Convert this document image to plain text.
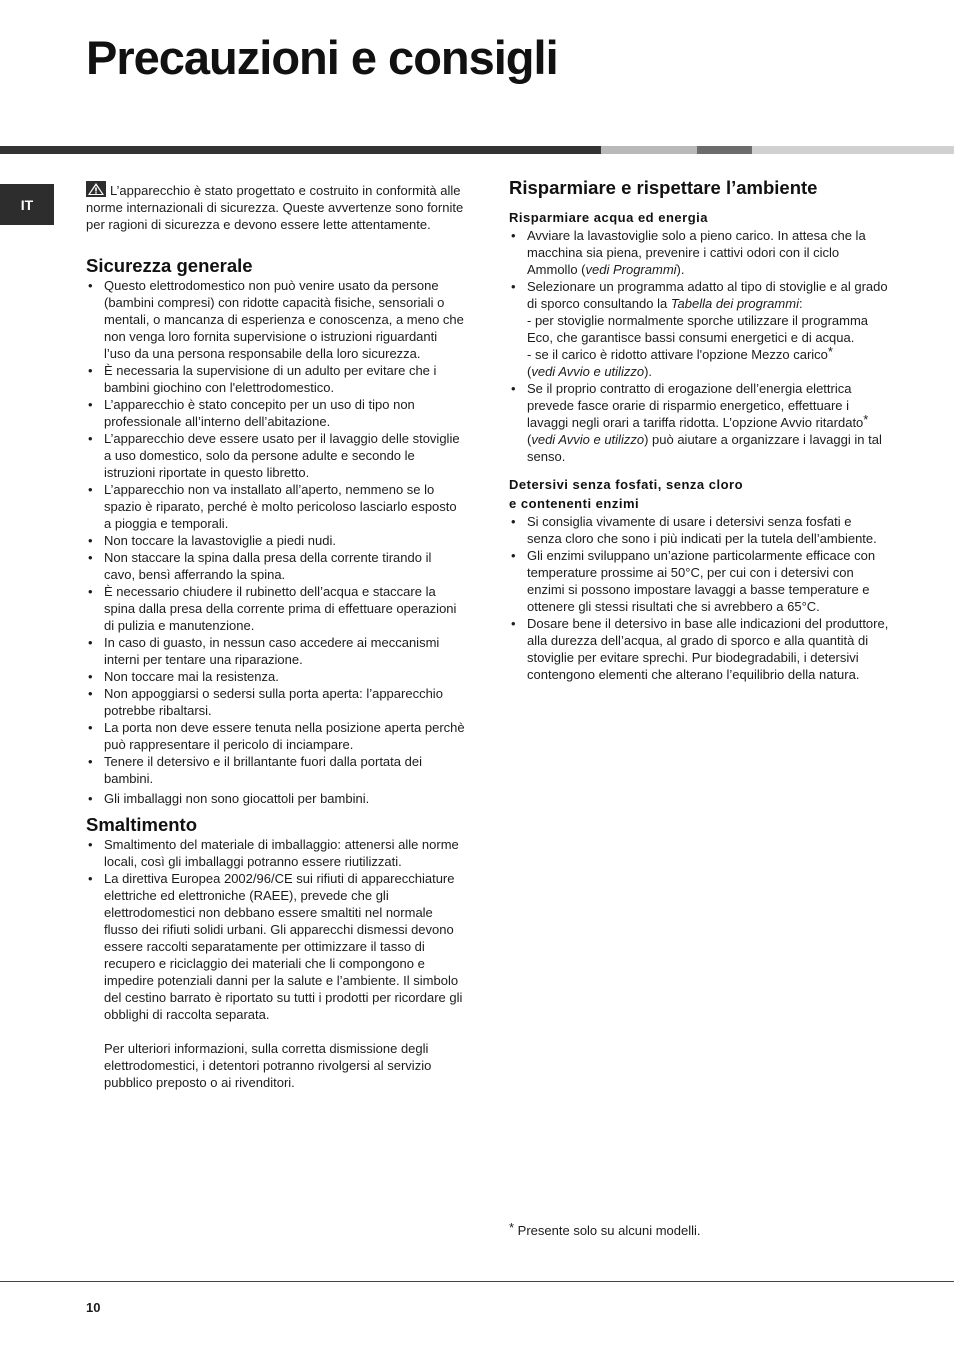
Precauzioni e consigli
IT

L’apparecchio è stato progettato e costruito in conformità alle norme internazionali di sicurezza. Queste avvertenze sono fornite per ragioni di sicurezza e devono essere lette attentamente.

Sicurezza generale
• Questo elettrodomestico non può venire usato da persone (bambini compresi) con ridotte capacità fisiche, sensoriali o mentali, o mancanza di esperienza e conoscenza, a meno che non venga loro fornita supervisione o istruzioni riguardanti l’uso da una persona responsabile della loro sicurezza.
• È necessaria la supervisione di un adulto per evitare che i bambini giochino con l'elettrodomestico.
• L’apparecchio è stato concepito per un uso di tipo non professionale all’interno dell’abitazione.
• L’apparecchio deve essere usato per il lavaggio delle stoviglie a uso domestico, solo da persone adulte e secondo le istruzioni riportate in questo libretto.
• L’apparecchio non va installato all’aperto, nemmeno se lo spazio è riparato, perché è molto pericoloso lasciarlo esposto a pioggia e temporali.
• Non toccare la lavastoviglie a piedi nudi.
• Non staccare la spina dalla presa della corrente tirando il cavo, bensì afferrando la spina.
• È necessario chiudere il rubinetto dell’acqua e staccare la spina dalla presa della corrente prima di effettuare operazioni di pulizia e manutenzione.
• In caso di guasto, in nessun caso accedere ai meccanismi interni per tentare una riparazione.
• Non toccare mai la resistenza.
• Non appoggiarsi o sedersi sulla porta aperta: l’apparecchio potrebbe ribaltarsi.
• La porta non deve essere tenuta nella posizione aperta perchè può rappresentare il pericolo di inciampare.
• Tenere il detersivo e il brillantante fuori dalla portata dei bambini.
• Gli imballaggi non sono giocattoli per bambini.
Smaltimento
• Smaltimento del materiale di imballaggio: attenersi alle norme locali, così gli imballaggi potranno essere riutilizzati.
• La direttiva Europea 2002/96/CE sui rifiuti di apparecchiature elettriche ed elettroniche (RAEE), prevede che gli elettrodomestici non debbano essere smaltiti nel normale flusso dei rifiuti solidi urbani. Gli apparecchi dismessi devono essere raccolti separatamente per ottimizzare il tasso di recupero e riciclaggio dei materiali che li compongono e impedire potenziali danni per la salute e l’ambiente. Il simbolo del cestino barrato è riportato su tutti i prodotti per ricordare gli obblighi di raccolta separata.

Per ulteriori informazioni, sulla corretta dismissione degli elettrodomestici, i detentori potranno rivolgersi al servizio pubblico preposto o ai rivenditori.

Risparmiare e rispettare l’ambiente
Risparmiare acqua ed energia
• Avviare la lavastoviglie solo a pieno carico. In attesa che la macchina sia piena, prevenire i cattivi odori con il ciclo Ammollo (vedi Programmi).
• Selezionare un programma adatto al tipo di stoviglie e al grado di sporco consultando la Tabella dei programmi:
- per stoviglie normalmente sporche utilizzare il programma Eco, che garantisce bassi consumi energetici e di acqua.
- se il carico è ridotto attivare l'opzione Mezzo carico*
(vedi Avvio e utilizzo).
• Se il proprio contratto di erogazione dell’energia elettrica prevede fasce orarie di risparmio energetico, effettuare i lavaggi negli orari a tariffa ridotta. L’opzione Avvio ritardato* (vedi Avvio e utilizzo) può aiutare a organizzare i lavaggi in tal senso.
Detersivi senza fosfati, senza cloro
e contenenti enzimi
• Si consiglia vivamente di usare i detersivi senza fosfati e senza cloro che sono i più indicati per la tutela dell’ambiente.
• Gli enzimi sviluppano un’azione particolarmente efficace con temperature prossime ai 50°C, per cui con i detersivi con enzimi si possono impostare lavaggi a basse temperature e ottenere gli stessi risultati che si avrebbero a 65°C.
• Dosare bene il detersivo in base alle indicazioni del produttore, alla durezza dell’acqua, al grado di sporco e alla quantità di stoviglie per evitare sprechi. Pur biodegradabili, i detersivi contengono elementi che alterano l’equilibrio della natura.

* Presente solo su alcuni modelli.

10
